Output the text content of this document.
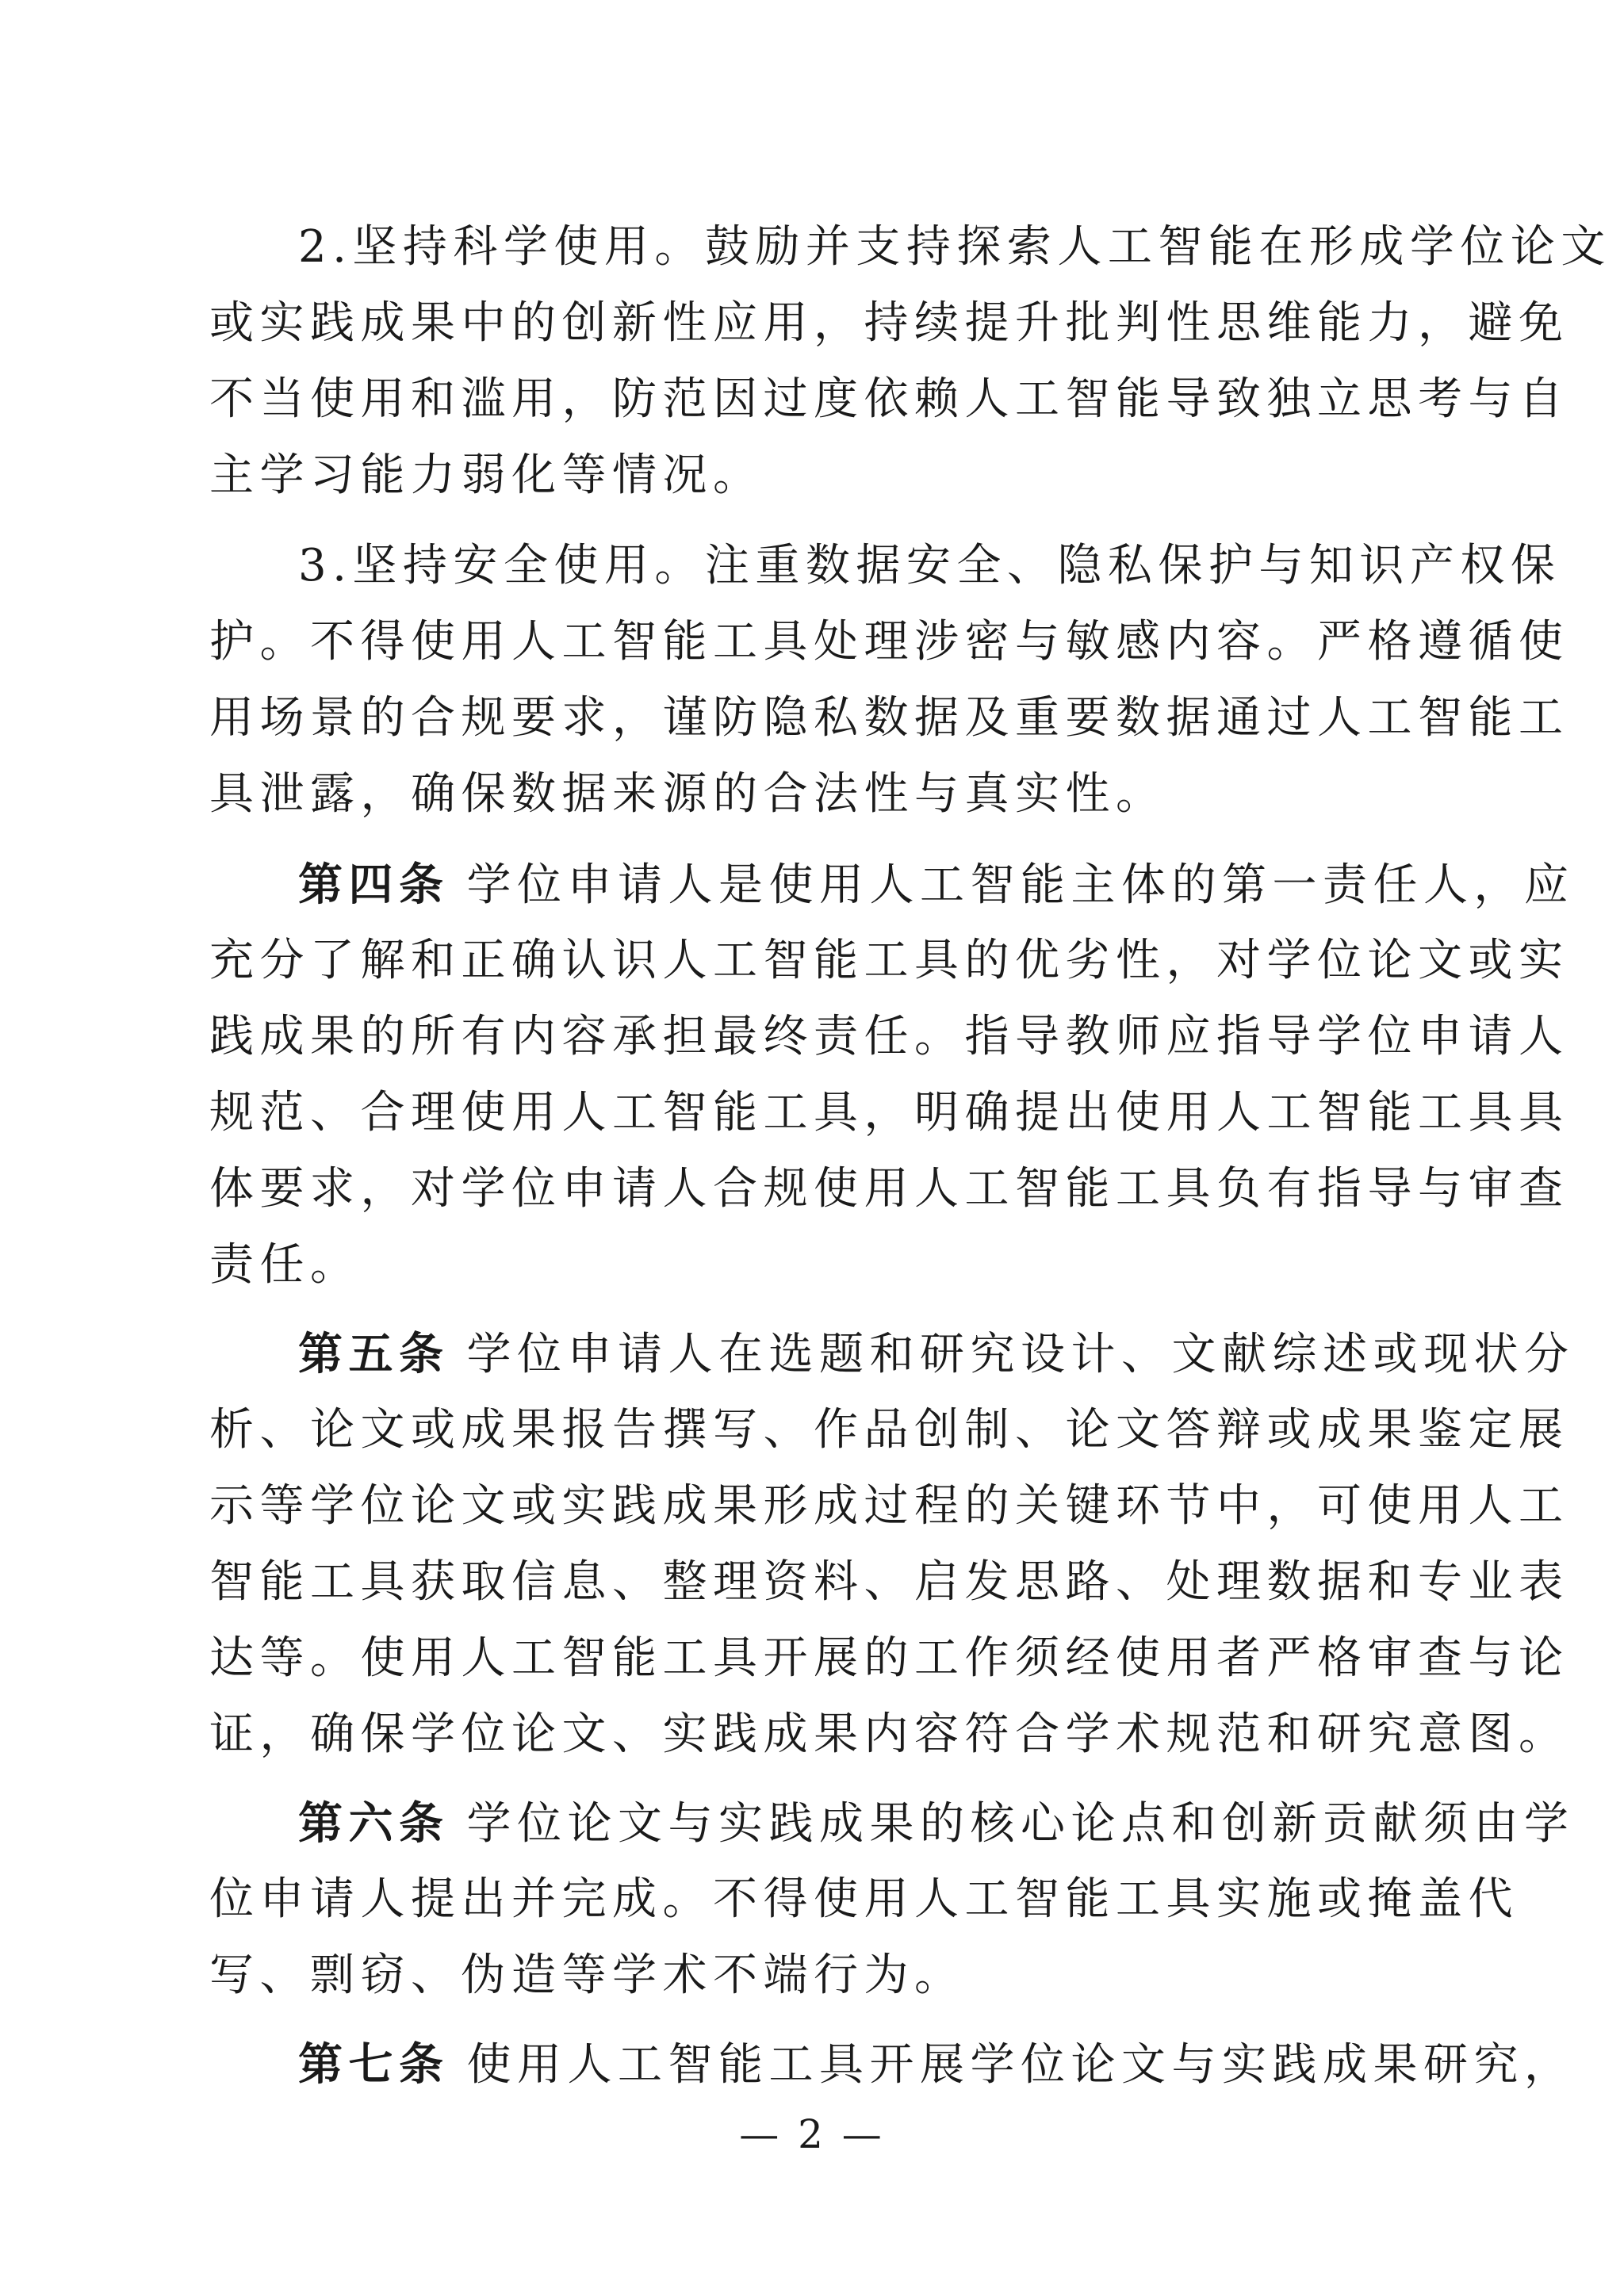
2.坚持科学使用。鼓励并支持探索人工智能在形成学位论文
或实践成果中的创新性应用，持续提升批判性思维能力，避免
不当使用和滥用，防范因过度依赖人工智能导致独立思考与自
主学习能力弱化等情况。
3.坚持安全使用。注重数据安全、隐私保护与知识产权保
护。不得使用人工智能工具处理涉密与敏感内容。严格遵循使
用场景的合规要求，谨防隐私数据及重要数据通过人工智能工
具泄露，确保数据来源的合法性与真实性。
第四条 学位申请人是使用人工智能主体的第一责任人，应
充分了解和正确认识人工智能工具的优劣性，对学位论文或实
践成果的所有内容承担最终责任。指导教师应指导学位申请人
规范、合理使用人工智能工具，明确提出使用人工智能工具具
体要求，对学位申请人合规使用人工智能工具负有指导与审查
责任。
第五条 学位申请人在选题和研究设计、文献综述或现状分
析、论文或成果报告撰写、作品创制、论文答辩或成果鉴定展
示等学位论文或实践成果形成过程的关键环节中，可使用人工
智能工具获取信息、整理资料、启发思路、处理数据和专业表
达等。使用人工智能工具开展的工作须经使用者严格审查与论
证，确保学位论文、实践成果内容符合学术规范和研究意图。
第六条 学位论文与实践成果的核心论点和创新贡献须由学
位申请人提出并完成。不得使用人工智能工具实施或掩盖代
写、剽窃、伪造等学术不端行为。
第七条 使用人工智能工具开展学位论文与实践成果研究，
— 2 —
